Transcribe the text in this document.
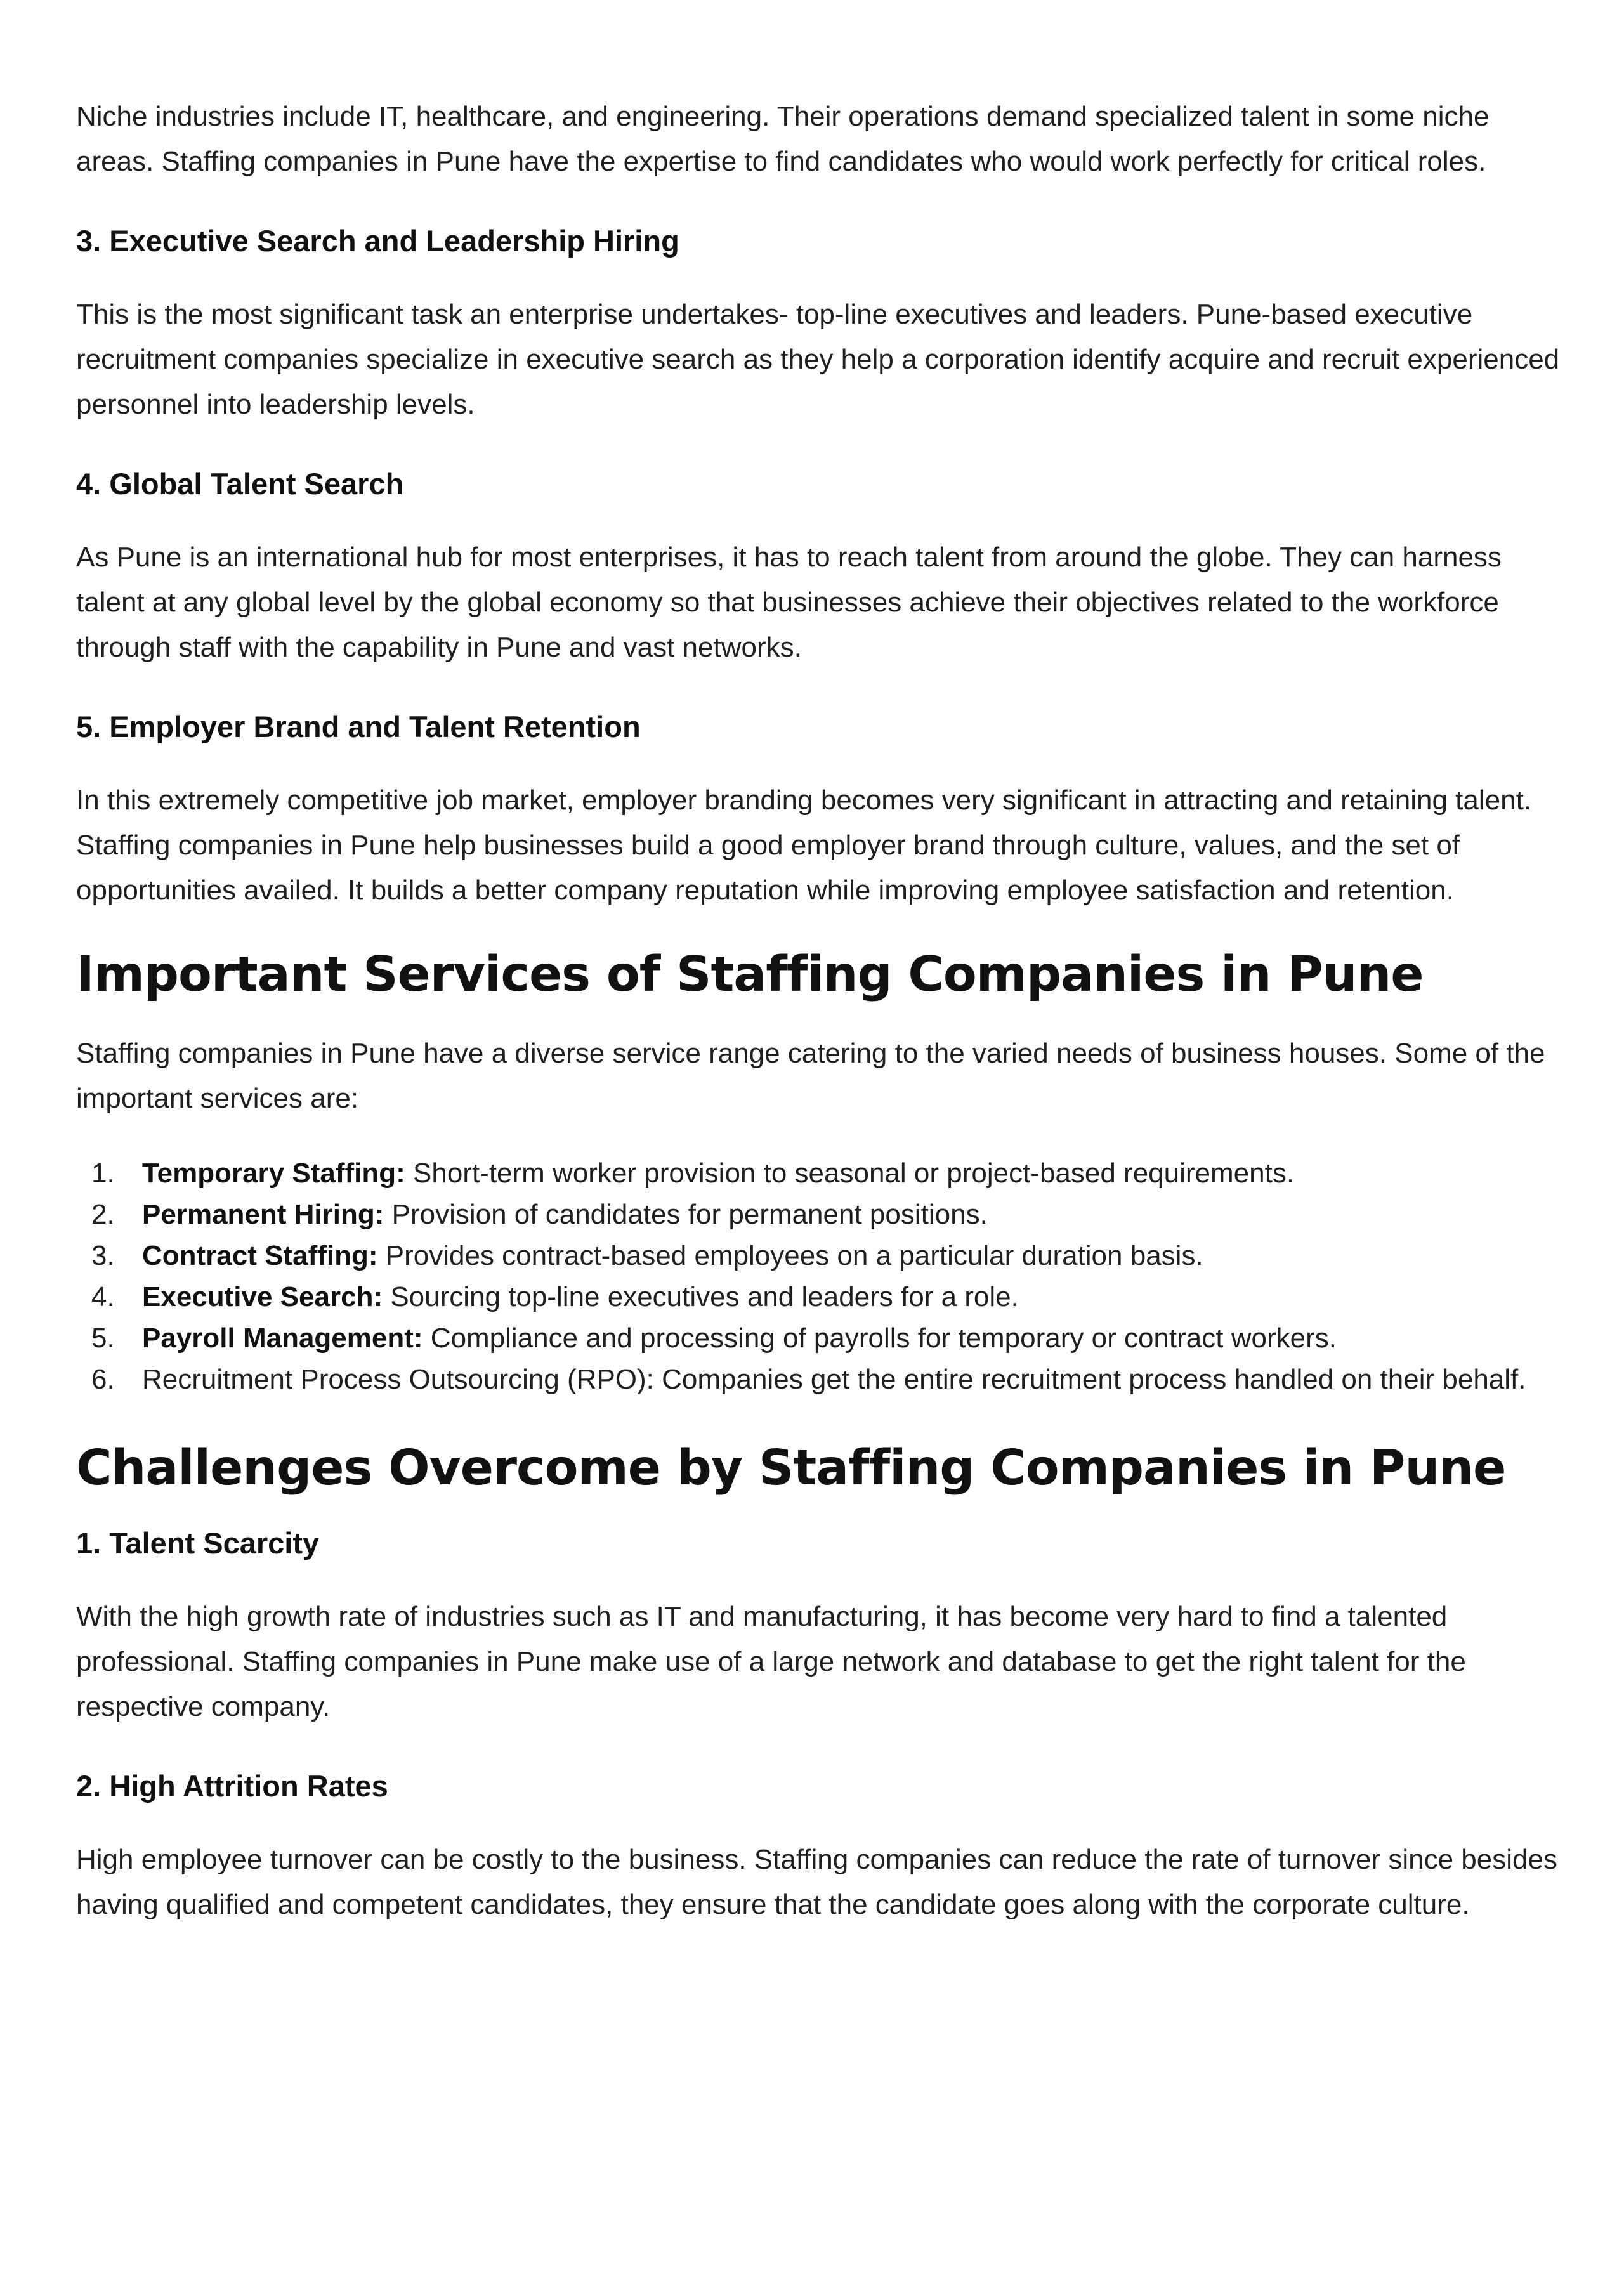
Niche industries include IT, healthcare, and engineering. Their operations demand specialized talent in some niche areas. Staffing companies in Pune have the expertise to find candidates who would work perfectly for critical roles.

3. Executive Search and Leadership Hiring

This is the most significant task an enterprise undertakes- top-line executives and leaders. Pune-based executive recruitment companies specialize in executive search as they help a corporation identify acquire and recruit experienced personnel into leadership levels.

4. Global Talent Search

As Pune is an international hub for most enterprises, it has to reach talent from around the globe. They can harness talent at any global level by the global economy so that businesses achieve their objectives related to the workforce through staff with the capability in Pune and vast networks.

5. Employer Brand and Talent Retention

In this extremely competitive job market, employer branding becomes very significant in attracting and retaining talent. Staffing companies in Pune help businesses build a good employer brand through culture, values, and the set of opportunities availed. It builds a better company reputation while improving employee satisfaction and retention.

Important Services of Staffing Companies in Pune

Staffing companies in Pune have a diverse service range catering to the varied needs of business houses. Some of the important services are:

1. Temporary Staffing: Short-term worker provision to seasonal or project-based requirements.
2. Permanent Hiring: Provision of candidates for permanent positions.
3. Contract Staffing: Provides contract-based employees on a particular duration basis.
4. Executive Search: Sourcing top-line executives and leaders for a role.
5. Payroll Management: Compliance and processing of payrolls for temporary or contract workers.
6. Recruitment Process Outsourcing (RPO): Companies get the entire recruitment process handled on their behalf.
Challenges Overcome by Staffing Companies in Pune
1. Talent Scarcity

With the high growth rate of industries such as IT and manufacturing, it has become very hard to find a talented professional. Staffing companies in Pune make use of a large network and database to get the right talent for the respective company.

2. High Attrition Rates

High employee turnover can be costly to the business. Staffing companies can reduce the rate of turnover since besides having qualified and competent candidates, they ensure that the candidate goes along with the corporate culture.
